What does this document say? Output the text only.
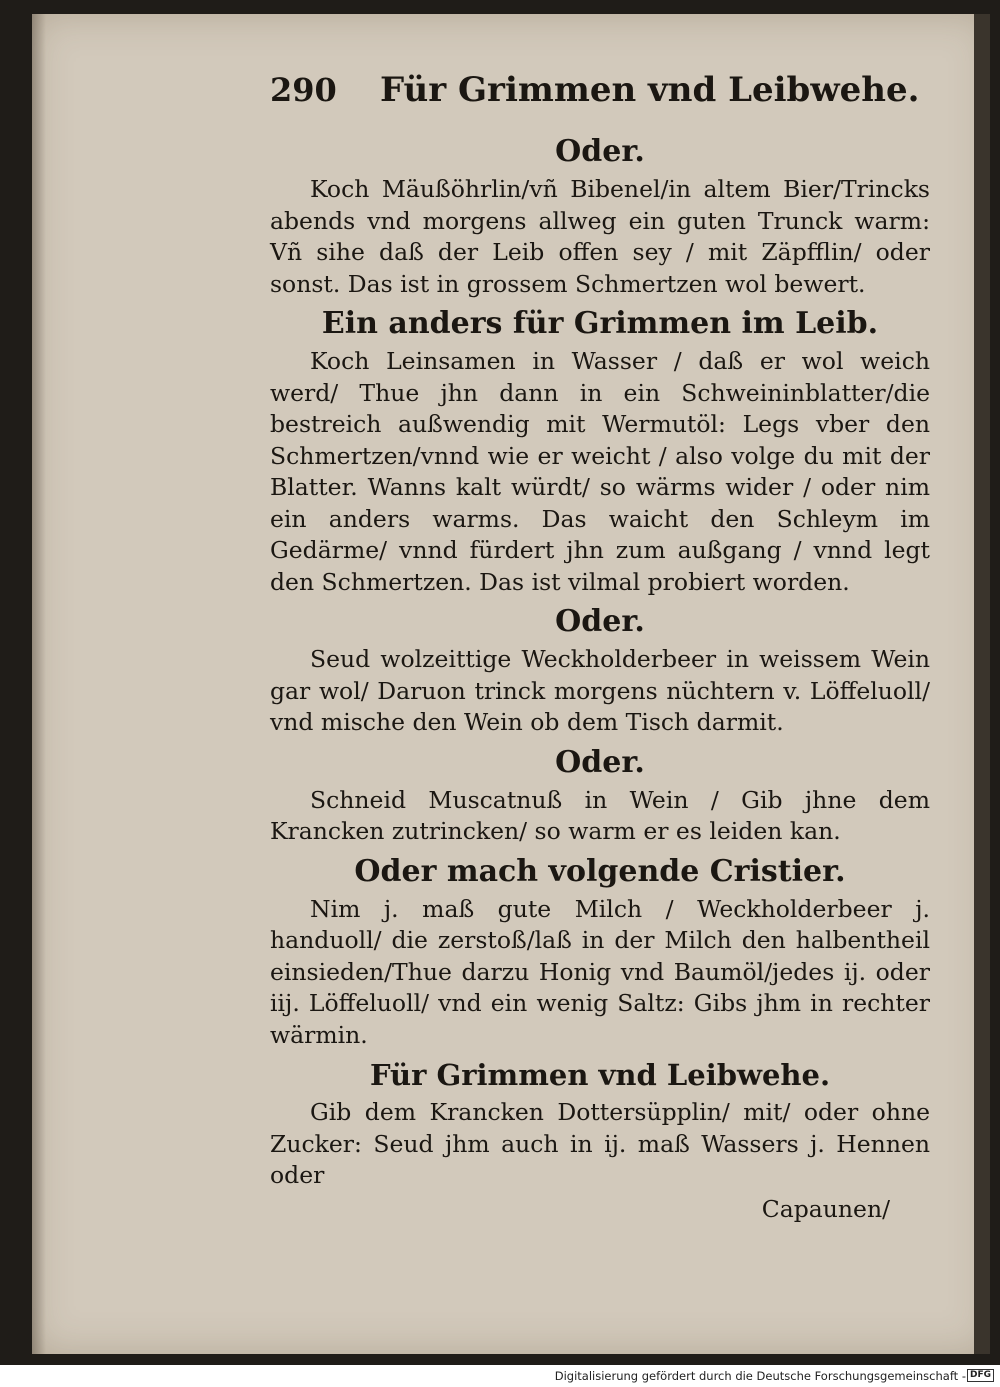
290	Für Grimmen vnd Leibwehe.
Oder.

Koch Mäußöhrlin/vñ Bibenel/in altem Bier/Trincks abends vnd morgens allweg ein guten Trunck warm: Vñ sihe daß der Leib offen sey / mit Zäpfflin/ oder sonst. Das ist in grossem Schmertzen wol bewert.

Ein anders für Grimmen im Leib.

Koch Leinsamen in Wasser / daß er wol weich werd/ Thue jhn dann in ein Schweininblatter/die bestreich außwendig mit Wermutöl: Legs vber den Schmertzen/vnnd wie er weicht / also volge du mit der Blatter. Wanns kalt würdt/ so wärms wider / oder nim ein anders warms. Das waicht den Schleym im Gedärme/ vnnd fürdert jhn zum außgang / vnnd legt den Schmertzen. Das ist vilmal probiert worden.

Oder.

Seud wolzeittige Weckholderbeer in weissem Wein gar wol/ Daruon trinck morgens nüchtern v. Löffeluoll/ vnd mische den Wein ob dem Tisch darmit.

Oder.

Schneid Muscatnuß in Wein / Gib jhne dem Krancken zutrincken/ so warm er es leiden kan.

Oder mach volgende Cristier.

Nim j. maß gute Milch / Weckholderbeer j. handuoll/ die zerstoß/laß in der Milch den halbentheil einsieden/Thue darzu Honig vnd Baumöl/jedes ij. oder iij. Löffeluoll/ vnd ein wenig Saltz: Gibs jhm in rechter wärmin.

Für Grimmen vnd Leibwehe.

Gib dem Krancken Dottersüpplin/ mit/ oder ohne Zucker: Seud jhm auch in ij. maß Wassers j. Hennen oder

Capaunen/
Digitalisierung gefördert durch die Deutsche Forschungsgemeinschaft - DFG
